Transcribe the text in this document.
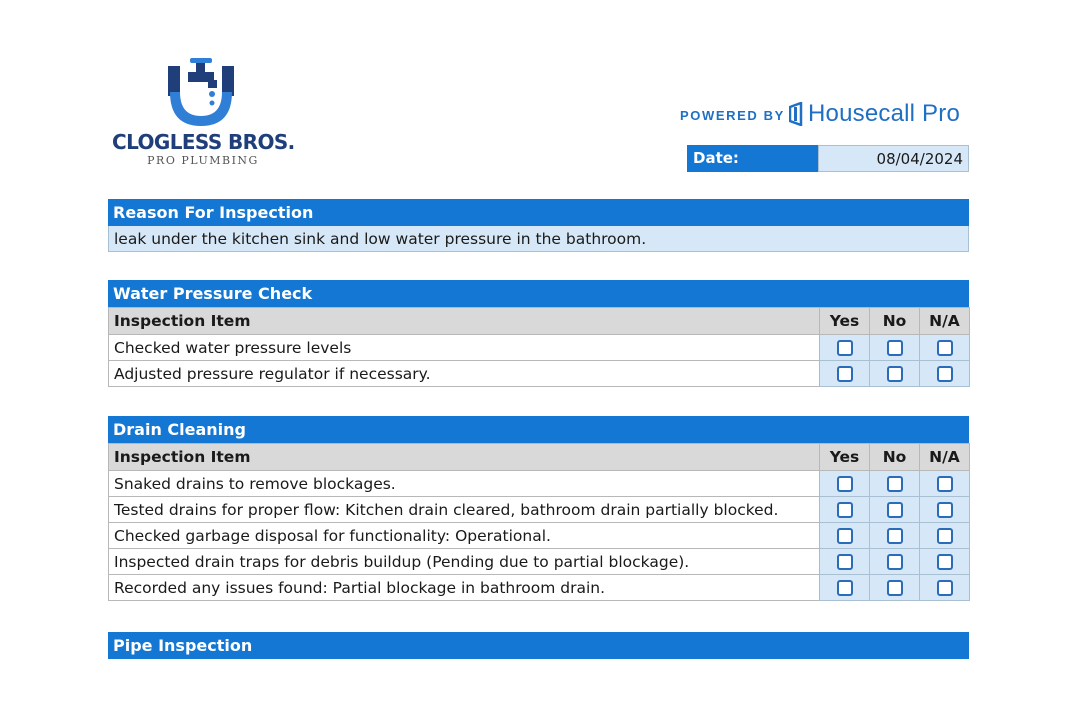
CLOGLESS BROS.
PRO PLUMBING
POWERED BY Housecall Pro
Date:	08/04/2024
Reason For Inspection
leak under the kitchen sink and low water pressure in the bathroom.
Water Pressure Check
Inspection Item	Yes	No	N/A
Checked water pressure levels			
Adjusted pressure regulator if necessary.			
Drain Cleaning
Inspection Item	Yes	No	N/A
Snaked drains to remove blockages.			
Tested drains for proper flow: Kitchen drain cleared, bathroom drain partially blocked.			
Checked garbage disposal for functionality: Operational.			
Inspected drain traps for debris buildup (Pending due to partial blockage).			
Recorded any issues found: Partial blockage in bathroom drain.			
Pipe Inspection
